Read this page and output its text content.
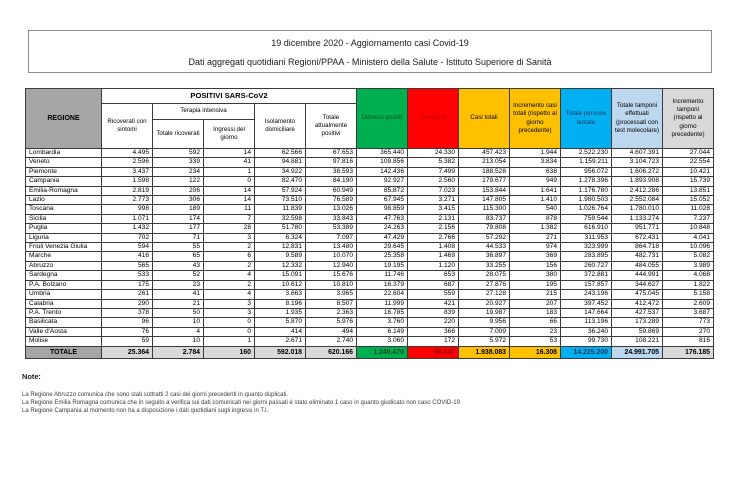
19 dicembre 2020 - Aggiornamento casi Covid-19
Dati aggregati quotidiani Regioni/PPAA - Ministero della Salute - Istituto Superiore di Sanità
REGIONE	POSITIVI SARS-CoV2					Dimessi guariti	Deceduti	Casi totali	Incremento casi totali (rispetto al giorno precedente)	Totale persone testate	Totale tamponi effettuati (processati con test molecolare)	Incremento tamponi (rispetto al giorno precedente)
	Ricoverati con sintomi	Terapia intensiva		Isolamento domiciliare	Totale attualmente positivi							
		Totale ricoverati	Ingressi del giorno									
Lombardia	4.495	592	14	62.566	67.653	365.440	24.330	457.423	1.944	2.522.230	4.607.391	27.044
Veneto	2.596	339	41	94.881	97.816	109.856	5.382	213.054	3.834	1.159.211	3.104.723	22.554
Piemonte	3.437	234	1	34.922	38.593	142.436	7.499	188.528	638	956.072	1.606.272	10.421
Campania	1.598	122	0	82.470	84.190	92.927	2.560	179.677	949	1.278.396	1.893.908	15.739
Emilia-Romagna	2.819	206	14	57.924	60.949	85.872	7.023	153.844	1.641	1.176.780	2.412.286	13.851
Lazio	2.773	306	14	73.510	76.589	67.945	3.271	147.805	1.410	1.980.503	2.552.084	15.052
Toscana	998	189	11	11.839	13.026	98.859	3.415	115.300	540	1.026.764	1.780.010	11.028
Sicilia	1.071	174	7	32.598	33.843	47.763	2.131	83.737	878	759.544	1.133.274	7.237
Puglia	1.432	177	28	51.780	53.389	24.263	2.156	79.808	1.382	616.910	951.771	10.848
Liguria	702	71	3	6.324	7.097	47.429	2.766	57.292	271	311.953	672.431	4.041
Friuli Venezia Giulia	594	55	2	12.831	13.480	29.645	1.408	44.533	974	323.999	864.718	10.096
Marche	416	65	6	9.589	10.070	25.358	1.469	36.897	369	283.895	482.731	5.082
Abruzzo	565	43	2	12.332	12.940	19.195	1.120	33.255	156	260.727	484.055	3.989
Sardegna	533	52	4	15.091	15.676	11.746	653	28.075	380	372.881	444.991	4.068
P.A. Bolzano	175	23	2	10.612	10.810	16.379	687	27.876	195	157.857	344.627	1.822
Umbria	261	41	4	3.663	3.965	22.604	559	27.128	215	243.196	475.045	5.158
Calabria	290	21	3	8.196	8.507	11.999	421	20.927	207	397.452	412.472	2.609
P.A. Trento	378	50	3	1.935	2.363	16.785	839	19.987	183	147.664	427.537	3.687
Basilicata	96	10	0	5.870	5.976	3.760	220	9.956	66	113.196	173.289	773
Valle d'Aosta	76	4	0	414	494	6.149	366	7.009	23	36.240	59.869	270
Molise	59	10	1	2.671	2.740	3.060	172	5.972	53	99.730	108.221	816
TOTALE	25.364	2.784	160	592.018	620.166	1.249.470	68.447	1.938.083	16.308	14.225.200	24.991.705	176.185
Note:
La Regione Abruzzo comunica che sono stati sottratti 2 casi dei giorni precedenti in quanto duplicati.
La Regione Emilia Romagna comunica che in seguito a verifica sui dati comunicati nei giorni passati è stato eliminato 1 caso in quanto giudicato non caso COVID-19
La Regione Campania al momento non ha a disposizione i dati quotidiani sugli ingressi in T.I.
